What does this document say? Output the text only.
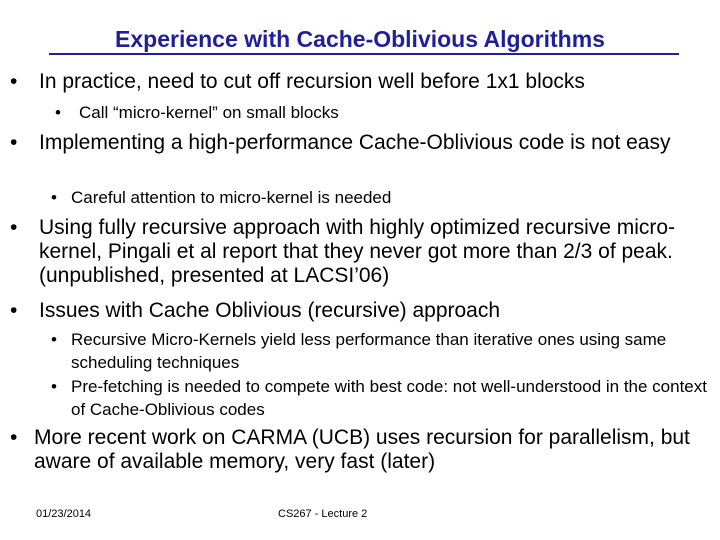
Experience with Cache-Oblivious Algorithms
• In practice, need to cut off recursion well before 1x1 blocks
• Call “micro-kernel” on small blocks
• Implementing a high-performance Cache-Oblivious code is not easy
• Careful attention to micro-kernel is needed
• Using fully recursive approach with highly optimized recursive micro-kernel, Pingali et al report that they never got more than 2/3 of peak. (unpublished, presented at LACSI’06)
• Issues with Cache Oblivious (recursive) approach
• Recursive Micro-Kernels yield less performance than iterative ones using same scheduling techniques
• Pre-fetching is needed to compete with best code: not well-understood in the context of Cache-Oblivious codes
• More recent work on CARMA (UCB) uses recursion for parallelism, but aware of available memory, very fast (later)
01/23/2014	CS267 - Lecture 2
